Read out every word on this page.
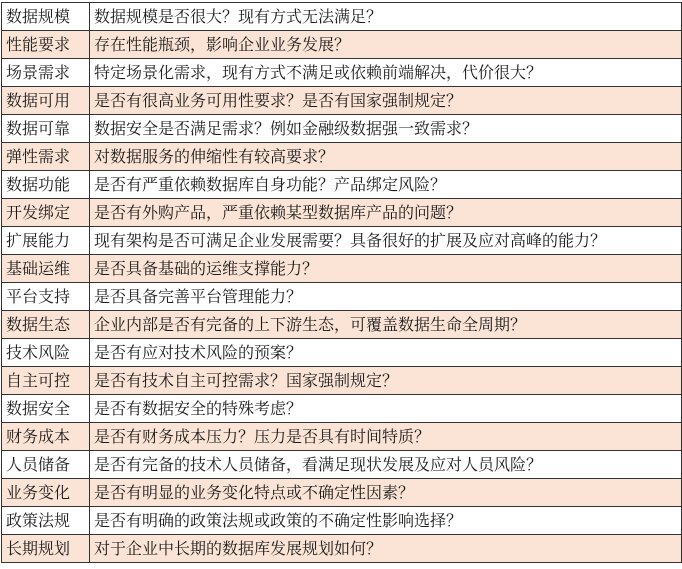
数据规模	数据规模是否很大？现有方式无法满足？
性能要求	存在性能瓶颈，影响企业业务发展？
场景需求	特定场景化需求，现有方式不满足或依赖前端解决，代价很大？
数据可用	是否有很高业务可用性要求？是否有国家强制规定？
数据可靠	数据安全是否满足需求？例如金融级数据强一致需求？
弹性需求	对数据服务的伸缩性有较高要求？
数据功能	是否有严重依赖数据库自身功能？产品绑定风险？
开发绑定	是否有外购产品，严重依赖某型数据库产品的问题？
扩展能力	现有架构是否可满足企业发展需要？具备很好的扩展及应对高峰的能力？
基础运维	是否具备基础的运维支撑能力？
平台支持	是否具备完善平台管理能力？
数据生态	企业内部是否有完备的上下游生态，可覆盖数据生命全周期？
技术风险	是否有应对技术风险的预案？
自主可控	是否有技术自主可控需求？国家强制规定？
数据安全	是否有数据安全的特殊考虑？
财务成本	是否有财务成本压力？压力是否具有时间特质？
人员储备	是否有完备的技术人员储备，看满足现状发展及应对人员风险？
业务变化	是否有明显的业务变化特点或不确定性因素？
政策法规	是否有明确的政策法规或政策的不确定性影响选择？
长期规划	对于企业中长期的数据库发展规划如何？
